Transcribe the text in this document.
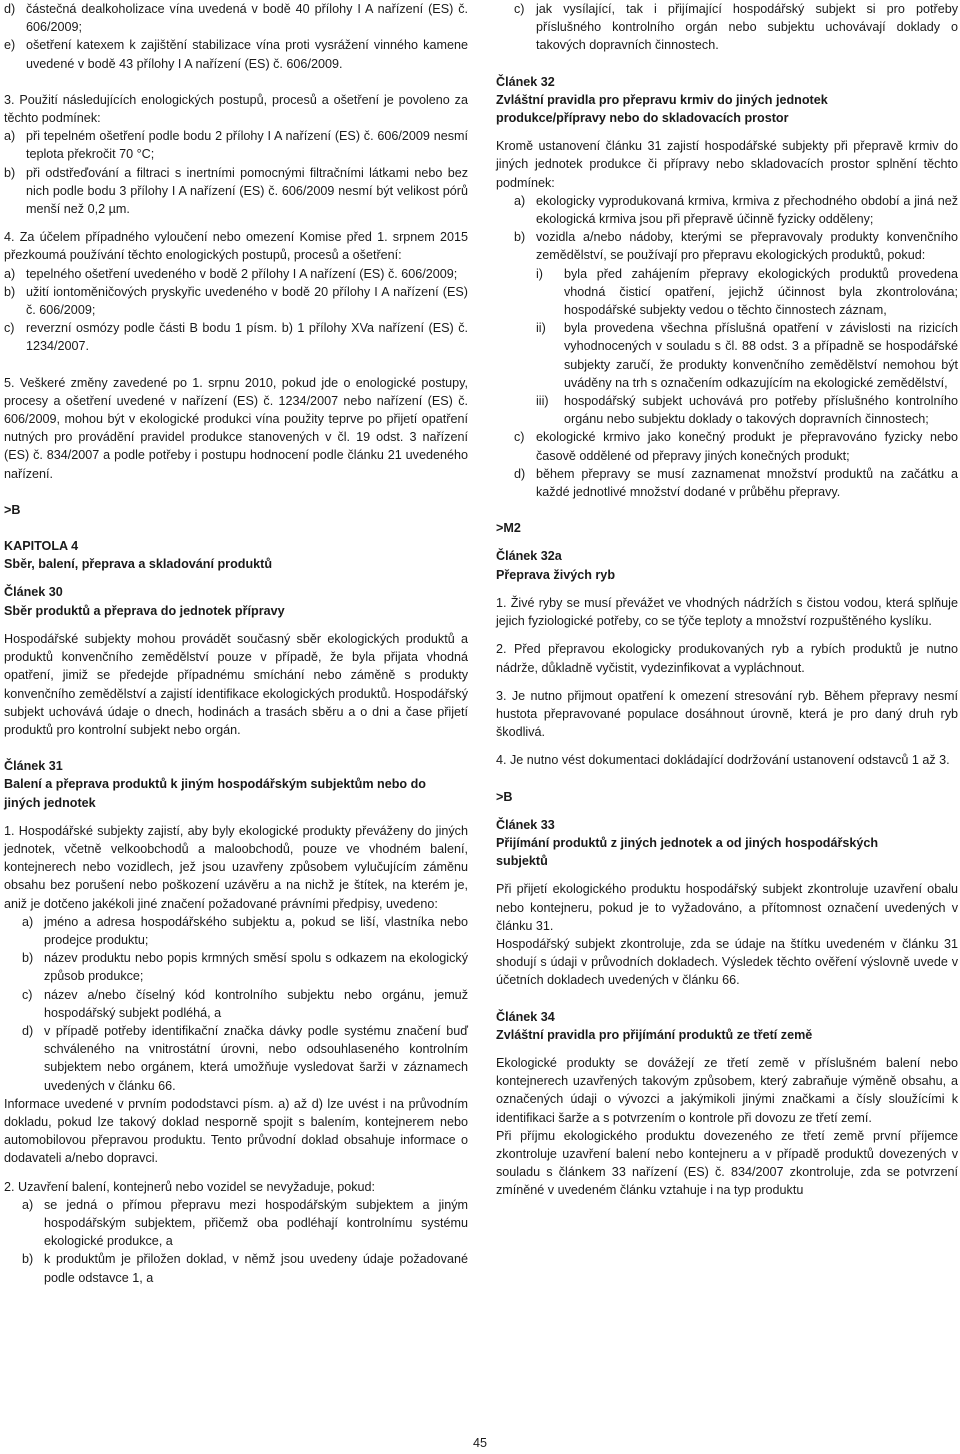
d) částečná dealkoholizace vína uvedená v bodě 40 přílohy I A nařízení (ES) č. 606/2009;
e) ošetření katexem k zajištění stabilizace vína proti vysrážení vinného kamene uvedené v bodě 43 přílohy I A nařízení (ES) č. 606/2009.

3. Použití následujících enologických postupů, procesů a ošetření je povoleno za těchto podmínek:

a) při tepelném ošetření podle bodu 2 přílohy I A nařízení (ES) č. 606/2009 nesmí teplota překročit 70 °C;
b) při odstřeďování a filtraci s inertními pomocnými filtračními látkami nebo bez nich podle bodu 3 přílohy I A nařízení (ES) č. 606/2009 nesmí být velikost pórů menší než 0,2 µm.

4. Za účelem případného vyloučení nebo omezení Komise před 1. srpnem 2015 přezkoumá používání těchto enologických postupů, procesů a ošetření:

a) tepelného ošetření uvedeného v bodě 2 přílohy I A nařízení (ES) č. 606/2009;
b) užití iontoměničových pryskyřic uvedeného v bodě 20 přílohy I A nařízení (ES) č. 606/2009;
c) reverzní osmózy podle části B bodu 1 písm. b) 1 přílohy XVa nařízení (ES) č. 1234/2007.

5. Veškeré změny zavedené po 1. srpnu 2010, pokud jde o enologické postupy, procesy a ošetření uvedené v nařízení (ES) č. 1234/2007 nebo nařízení (ES) č. 606/2009, mohou být v ekologické produkci vína použity teprve po přijetí opatření nutných pro provádění pravidel produkce stanovených v čl. 19 odst. 3 nařízení (ES) č. 834/2007 a podle potřeby i postupu hodnocení podle článku 21 uvedeného nařízení.

>B

KAPITOLA 4

Sběr, balení, přeprava a skladování produktů

Článek 30

Sběr produktů a přeprava do jednotek přípravy

Hospodářské subjekty mohou provádět současný sběr ekologických produktů a produktů konvenčního zemědělství pouze v případě, že byla přijata vhodná opatření, jimiž se předejde případnému smíchání nebo záměně s produkty konvenčního zemědělství a zajistí identifikace ekologických produktů. Hospodářský subjekt uchovává údaje o dnech, hodinách a trasách sběru a o dni a čase přijetí produktů pro kontrolní subjekt nebo orgán.

Článek 31

Balení a přeprava produktů k jiným hospodářským subjektům nebo do jiných jednotek

1. Hospodářské subjekty zajistí, aby byly ekologické produkty převáženy do jiných jednotek, včetně velkoobchodů a maloobchodů, pouze ve vhodném balení, kontejnerech nebo vozidlech, jež jsou uzavřeny způsobem vylučujícím záměnu obsahu bez porušení nebo poškození uzávěru a na nichž je štítek, na kterém je, aniž je dotčeno jakékoli jiné značení požadované právními předpisy, uvedeno:

a) jméno a adresa hospodářského subjektu a, pokud se liší, vlastníka nebo prodejce produktu;
b) název produktu nebo popis krmných směsí spolu s odkazem na ekologický způsob produkce;
c) název a/nebo číselný kód kontrolního subjektu nebo orgánu, jemuž hospodářský subjekt podléhá, a
d) v případě potřeby identifikační značka dávky podle systému značení buď schváleného na vnitrostátní úrovni, nebo odsouhlaseného kontrolním subjektem nebo orgánem, která umožňuje vysledovat šarži v záznamech uvedených v článku 66.

Informace uvedené v prvním pododstavci písm. a) až d) lze uvést i na průvodním dokladu, pokud lze takový doklad nesporně spojit s balením, kontejnerem nebo automobilovou přepravou produktu. Tento průvodní doklad obsahuje informace o dodavateli a/nebo dopravci.

2. Uzavření balení, kontejnerů nebo vozidel se nevyžaduje, pokud:

a) se jedná o přímou přepravu mezi hospodářským subjektem a jiným hospodářským subjektem, přičemž oba podléhají kontrolnímu systému ekologické produkce, a
b) k produktům je přiložen doklad, v němž jsou uvedeny údaje požadované podle odstavce 1, a
c) jak vysílající, tak i přijímající hospodářský subjekt si pro potřeby příslušného kontrolního orgán nebo subjektu uchovávají doklady o takových dopravních činnostech.

Článek 32

Zvláštní pravidla pro přepravu krmiv do jiných jednotek produkce/přípravy nebo do skladovacích prostor

Kromě ustanovení článku 31 zajistí hospodářské subjekty při přepravě krmiv do jiných jednotek produkce či přípravy nebo skladovacích prostor splnění těchto podmínek:

a) ekologicky vyprodukovaná krmiva, krmiva z přechodného období a jiná než ekologická krmiva jsou při přepravě účinně fyzicky odděleny;
b) vozidla a/nebo nádoby, kterými se přepravovaly produkty konvenčního zemědělství, se používají pro přepravu ekologických produktů, pokud:
i)	byla před zahájením přepravy ekologických produktů provedena vhodná čisticí opatření, jejichž účinnost byla zkontrolována; hospodářské subjekty vedou o těchto činnostech záznam,
ii)	byla provedena všechna příslušná opatření v závislosti na rizicích vyhodnocených v souladu s čl. 88 odst. 3 a případně se hospodářské subjekty zaručí, že produkty konvenčního zemědělství nemohou být uváděny na trh s označením odkazujícím na ekologické zemědělství,
iii)	hospodářský subjekt uchovává pro potřeby příslušného kontrolního orgánu nebo subjektu doklady o takových dopravních činnostech;
c) ekologické krmivo jako konečný produkt je přepravováno fyzicky nebo časově oddělené od přepravy jiných konečných produkt;
d) během přepravy se musí zaznamenat množství produktů na začátku a každé jednotlivé množství dodané v průběhu přepravy.

>M2

Článek 32a

Přeprava živých ryb

1. Živé ryby se musí převážet ve vhodných nádržích s čistou vodou, která splňuje jejich fyziologické potřeby, co se týče teploty a množství rozpuštěného kyslíku.

2. Před přepravou ekologicky produkovaných ryb a rybích produktů je nutno nádrže, důkladně vyčistit, vydezinfikovat a vypláchnout.

3. Je nutno přijmout opatření k omezení stresování ryb. Během přepravy nesmí hustota přepravované populace dosáhnout úrovně, která je pro daný druh ryb škodlivá.

4. Je nutno vést dokumentaci dokládající dodržování ustanovení odstavců 1 až 3.

>B

Článek 33

Přijímání produktů z jiných jednotek a od jiných hospodářských subjektů

Při přijetí ekologického produktu hospodářský subjekt zkontroluje uzavření obalu nebo kontejneru, pokud je to vyžadováno, a přítomnost označení uvedených v článku 31.

Hospodářský subjekt zkontroluje, zda se údaje na štítku uvedeném v článku 31 shodují s údaji v průvodních dokladech. Výsledek těchto ověření výslovně uvede v účetních dokladech uvedených v článku 66.

Článek 34

Zvláštní pravidla pro přijímání produktů ze třetí země

Ekologické produkty se dovážejí ze třetí země v příslušném balení nebo kontejnerech uzavřených takovým způsobem, který zabraňuje výměně obsahu, a označených údaji o vývozci a jakýmikoli jinými značkami a čísly sloužícími k identifikaci šarže a s potvrzením o kontrole při dovozu ze třetí zemí.

Při příjmu ekologického produktu dovezeného ze třetí země první příjemce zkontroluje uzavření balení nebo kontejneru a v případě produktů dovezených v souladu s článkem 33 nařízení (ES) č. 834/2007 zkontroluje, zda se potvrzení zmíněné v uvedeném článku vztahuje i na typ produktu

45
